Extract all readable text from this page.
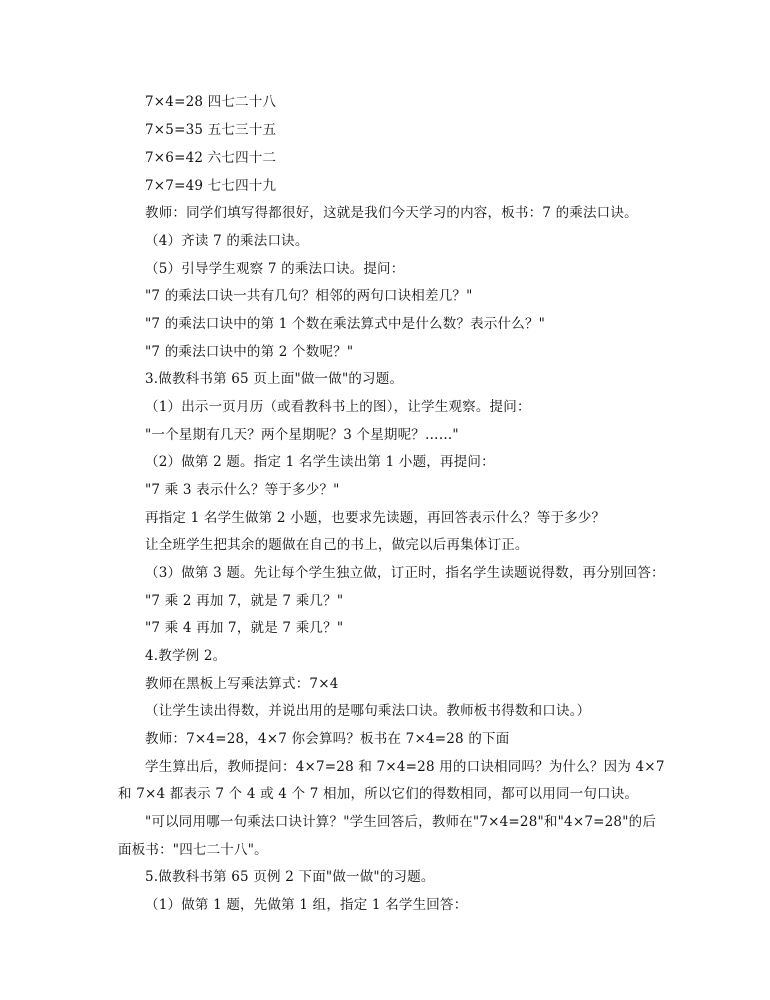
7×4=28 四七二十八
7×5=35 五七三十五
7×6=42 六七四十二
7×7=49 七七四十九
教师：同学们填写得都很好，这就是我们今天学习的内容，板书：7 的乘法口诀。
（4）齐读 7 的乘法口诀。
（5）引导学生观察 7 的乘法口诀。提问：
"7 的乘法口诀一共有几句？相邻的两句口诀相差几？"
"7 的乘法口诀中的第 1 个数在乘法算式中是什么数？表示什么？"
"7 的乘法口诀中的第 2 个数呢？"
3.做教科书第 65 页上面"做一做"的习题。
（1）出示一页月历（或看教科书上的图），让学生观察。提问：
"一个星期有几天？两个星期呢？3 个星期呢？……"
（2）做第 2 题。指定 1 名学生读出第 1 小题，再提问：
"7 乘 3 表示什么？等于多少？"
再指定 1 名学生做第 2 小题，也要求先读题，再回答表示什么？等于多少？
让全班学生把其余的题做在自己的书上，做完以后再集体订正。
（3）做第 3 题。先让每个学生独立做，订正时，指名学生读题说得数，再分别回答：
"7 乘 2 再加 7，就是 7 乘几？"
"7 乘 4 再加 7，就是 7 乘几？"
4.教学例 2。
教师在黑板上写乘法算式：7×4
（让学生读出得数，并说出用的是哪句乘法口诀。教师板书得数和口诀。）
教师：7×4=28，4×7 你会算吗？板书在 7×4=28 的下面
学生算出后，教师提问：4×7=28 和 7×4=28 用的口诀相同吗？为什么？因为 4×7
和 7×4 都表示 7 个 4 或 4 个 7 相加，所以它们的得数相同，都可以用同一句口诀。
"可以同用哪一句乘法口诀计算？"学生回答后，教师在"7×4=28"和"4×7=28"的后
面板书："四七二十八"。
5.做教科书第 65 页例 2 下面"做一做"的习题。
（1）做第 1 题，先做第 1 组，指定 1 名学生回答：
